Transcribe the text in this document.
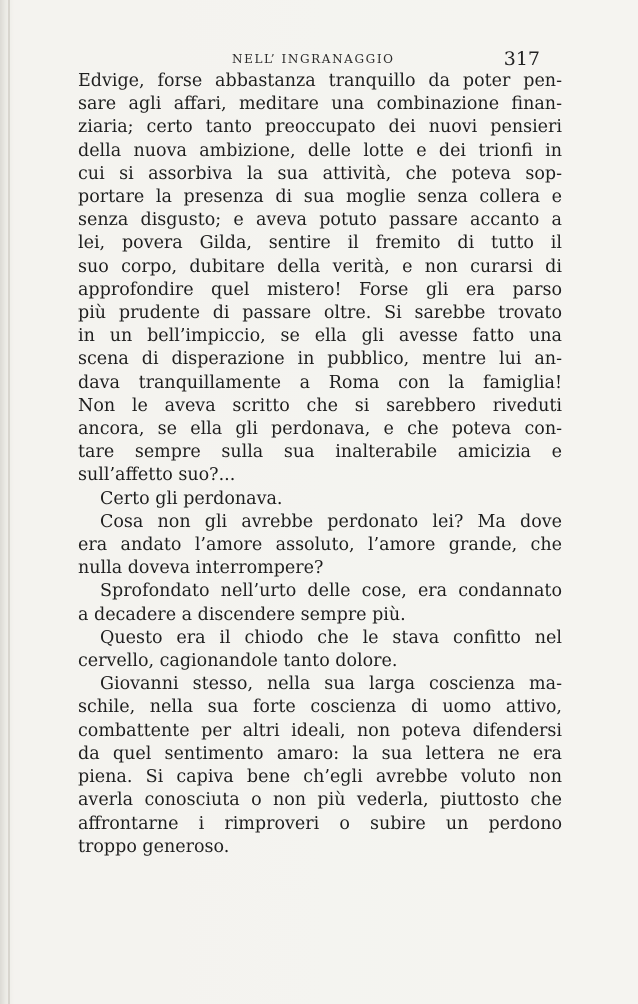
NELL’ INGRANAGGIO	317

Edvige, forse abbastanza tranquillo da poter pen-
sare agli affari, meditare una combinazione finan-
ziaria; certo tanto preoccupato dei nuovi pensieri
della nuova ambizione, delle lotte e dei trionfi in
cui si assorbiva la sua attività, che poteva sop-
portare la presenza di sua moglie senza collera e
senza disgusto; e aveva potuto passare accanto a
lei, povera Gilda, sentire il fremito di tutto il
suo corpo, dubitare della verità, e non curarsi di
approfondire quel mistero! Forse gli era parso
più prudente di passare oltre. Si sarebbe trovato
in un bell’impiccio, se ella gli avesse fatto una
scena di disperazione in pubblico, mentre lui an-
dava tranquillamente a Roma con la famiglia!
Non le aveva scritto che si sarebbero riveduti
ancora, se ella gli perdonava, e che poteva con-
tare sempre sulla sua inalterabile amicizia e
sull’affetto suo?...

Certo gli perdonava.

Cosa non gli avrebbe perdonato lei? Ma dove
era andato l’amore assoluto, l’amore grande, che
nulla doveva interrompere?

Sprofondato nell’urto delle cose, era condannato
a decadere a discendere sempre più.

Questo era il chiodo che le stava confitto nel
cervello, cagionandole tanto dolore.

Giovanni stesso, nella sua larga coscienza ma-
schile, nella sua forte coscienza di uomo attivo,
combattente per altri ideali, non poteva difendersi
da quel sentimento amaro: la sua lettera ne era
piena. Si capiva bene ch’egli avrebbe voluto non
averla conosciuta o non più vederla, piuttosto che
affrontarne i rimproveri o subire un perdono
troppo generoso.
